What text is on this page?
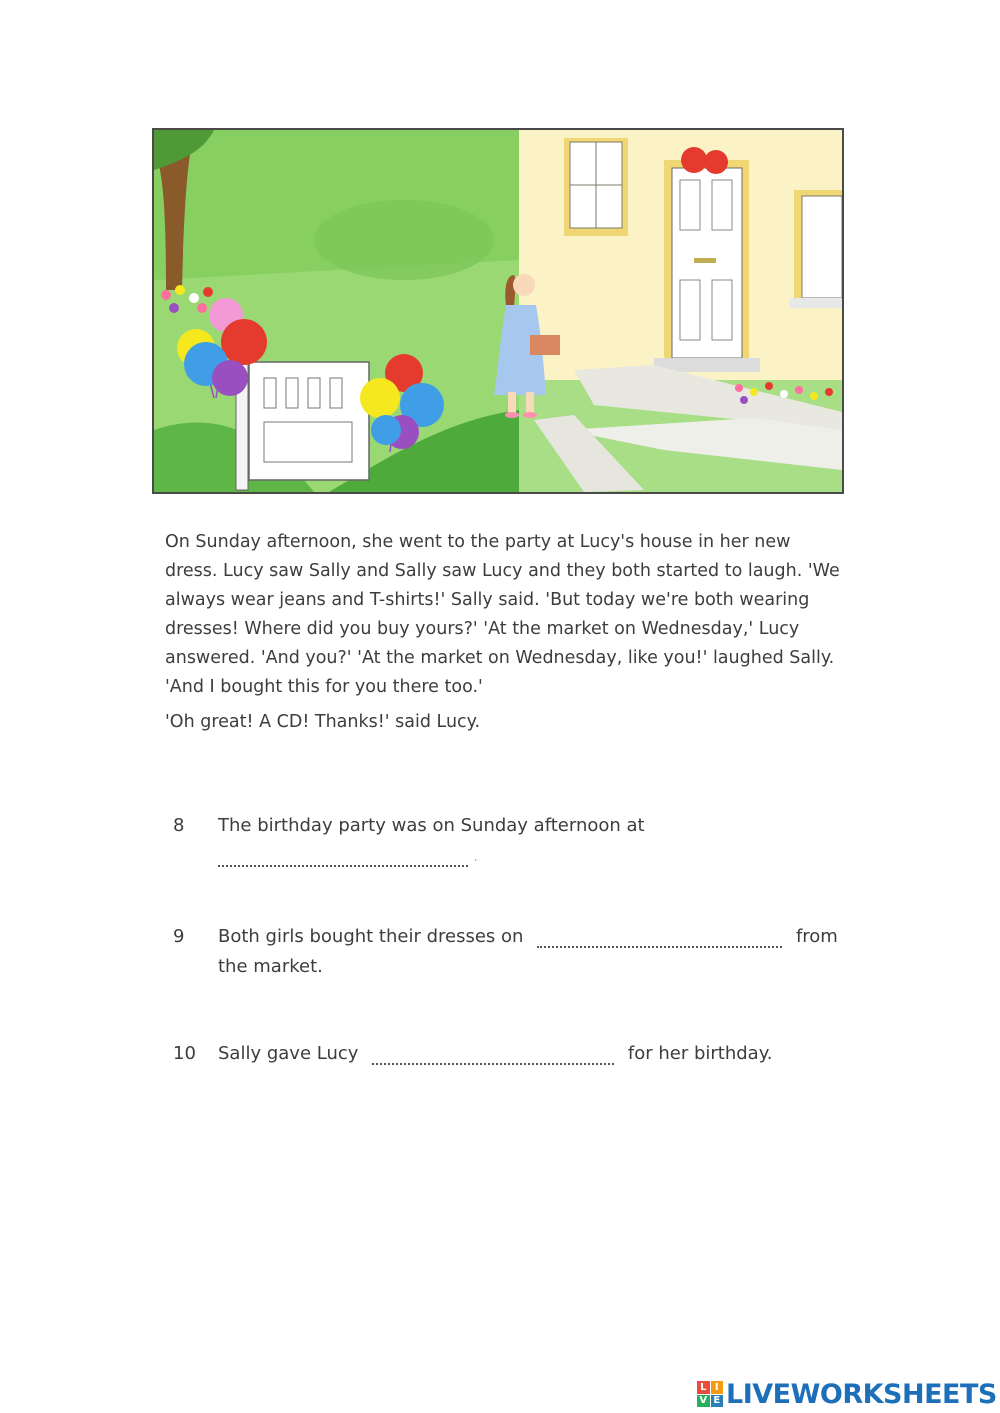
On Sunday afternoon, she went to the party at Lucy's house in her new dress. Lucy saw Sally and Sally saw Lucy and they both started to laugh. 'We always wear jeans and T-shirts!' Sally said. 'But today we're both wearing dresses! Where did you buy yours?' 'At the market on Wednesday,' Lucy answered. 'And you?' 'At the market on Wednesday, like you!' laughed Sally. 'And I bought this for you there too.'

'Oh great! A CD! Thanks!' said Lucy.

8 The birthday party was on Sunday afternoon at
.
9 Both girls bought their dresses on	from
the market.
10 Sally gave Lucy	for her birthday.
L I
V E LIVEWORKSHEETS
